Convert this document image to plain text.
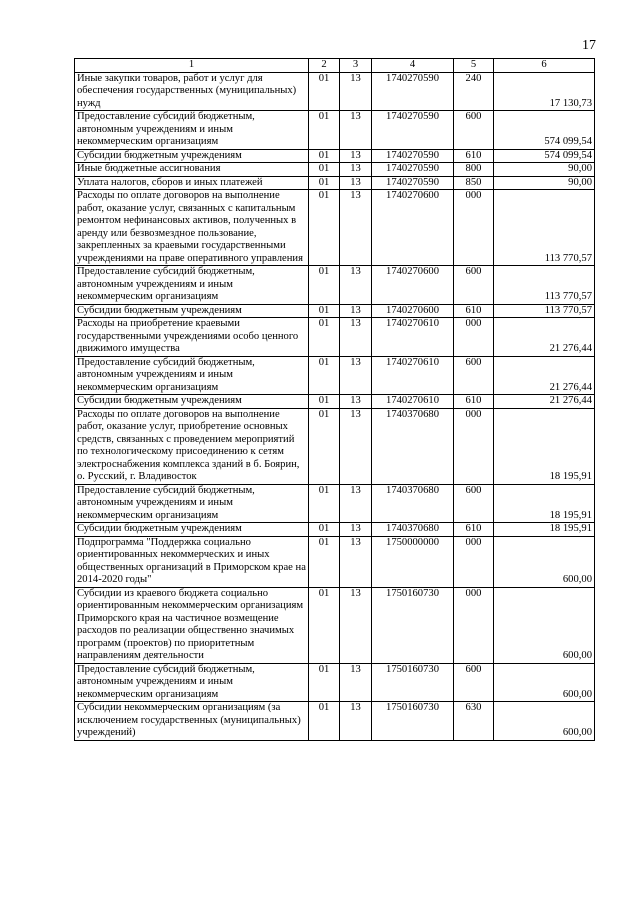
17
1	2	3	4	5	6
Иные закупки товаров, работ и услуг для обеспечения государственных (муниципальных) нужд	01	13	1740270590	240	17 130,73
Предоставление субсидий бюджетным, автономным учреждениям и иным некоммерческим организациям	01	13	1740270590	600	574 099,54
Субсидии бюджетным учреждениям	01	13	1740270590	610	574 099,54
Иные бюджетные ассигнования	01	13	1740270590	800	90,00
Уплата налогов, сборов и иных платежей	01	13	1740270590	850	90,00
Расходы по оплате договоров на выполнение работ, оказание услуг, связанных с капитальным ремонтом нефинансовых активов, полученных в аренду или безвозмездное пользование, закрепленных за краевыми государственными учреждениями на праве оперативного управления	01	13	1740270600	000	113 770,57
Предоставление субсидий бюджетным, автономным учреждениям и иным некоммерческим организациям	01	13	1740270600	600	113 770,57
Субсидии бюджетным учреждениям	01	13	1740270600	610	113 770,57
Расходы на приобретение краевыми государственными учреждениями особо ценного движимого имущества	01	13	1740270610	000	21 276,44
Предоставление субсидий бюджетным, автономным учреждениям и иным некоммерческим организациям	01	13	1740270610	600	21 276,44
Субсидии бюджетным учреждениям	01	13	1740270610	610	21 276,44
Расходы по оплате договоров на выполнение работ, оказание услуг, приобретение основных средств, связанных с проведением мероприятий по технологическому присоединению к сетям электроснабжения комплекса зданий в б. Боярин, о. Русский, г. Владивосток	01	13	1740370680	000	18 195,91
Предоставление субсидий бюджетным, автономным учреждениям и иным некоммерческим организациям	01	13	1740370680	600	18 195,91
Субсидии бюджетным учреждениям	01	13	1740370680	610	18 195,91
Подпрограмма "Поддержка социально ориентированных некоммерческих и иных общественных организаций в Приморском крае на 2014-2020 годы"	01	13	1750000000	000	600,00
Субсидии из краевого бюджета социально ориентированным некоммерческим организациям Приморского края на частичное возмещение расходов по реализации общественно значимых программ (проектов) по приоритетным направлениям деятельности	01	13	1750160730	000	600,00
Предоставление субсидий бюджетным, автономным учреждениям и иным некоммерческим организациям	01	13	1750160730	600	600,00
Субсидии некоммерческим организациям (за исключением государственных (муниципальных) учреждений)	01	13	1750160730	630	600,00
